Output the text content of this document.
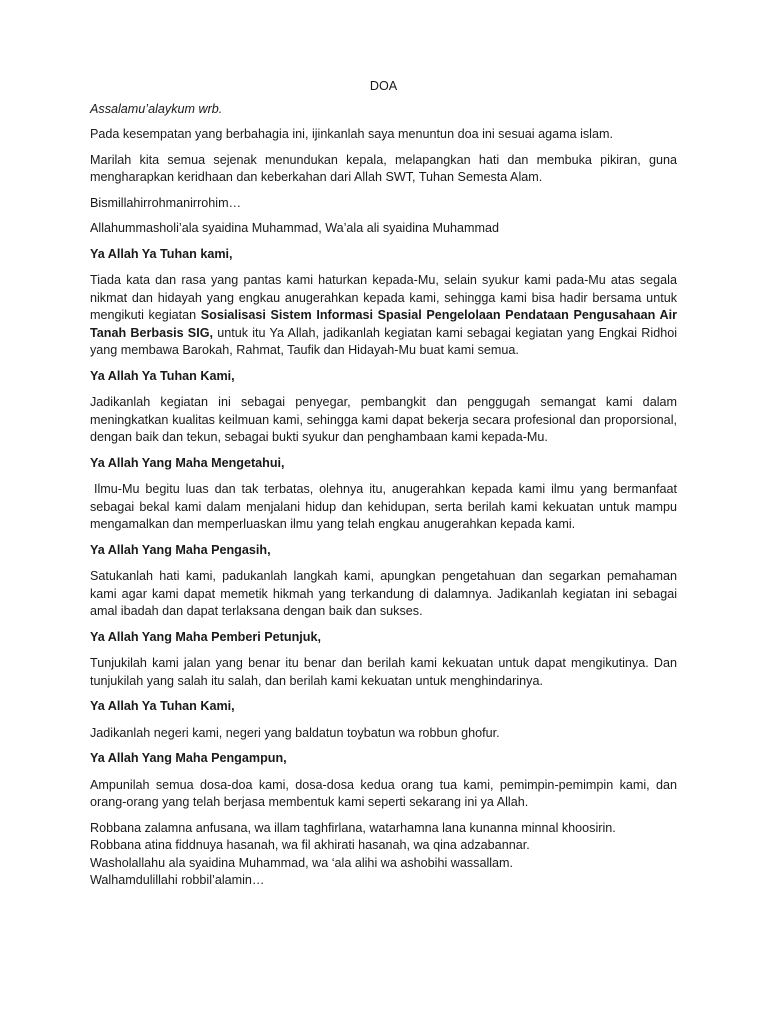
DOA

Assalamu’alaykum wrb.

Pada kesempatan yang berbahagia ini, ijinkanlah saya menuntun doa ini sesuai agama islam.

Marilah kita semua sejenak menundukan kepala, melapangkan hati dan membuka pikiran, guna mengharapkan keridhaan dan keberkahan dari Allah SWT, Tuhan Semesta Alam.

Bismillahirrohmanirrohim…

Allahummasholi’ala syaidina Muhammad, Wa’ala ali syaidina Muhammad

Ya Allah Ya Tuhan kami,

Tiada kata dan rasa yang pantas kami haturkan kepada-Mu, selain syukur kami pada-Mu atas segala nikmat dan hidayah yang engkau anugerahkan kepada kami, sehingga kami bisa hadir bersama untuk mengikuti kegiatan Sosialisasi Sistem Informasi Spasial Pengelolaan Pendataan Pengusahaan Air Tanah Berbasis SIG, untuk itu Ya Allah, jadikanlah kegiatan kami sebagai kegiatan yang Engkai Ridhoi yang membawa Barokah, Rahmat, Taufik dan Hidayah-Mu buat kami semua.

Ya Allah Ya Tuhan Kami,

Jadikanlah kegiatan ini sebagai penyegar, pembangkit dan penggugah semangat kami dalam meningkatkan kualitas keilmuan kami, sehingga kami dapat bekerja secara profesional dan proporsional, dengan baik dan tekun, sebagai bukti syukur dan penghambaan kami kepada-Mu.

Ya Allah Yang Maha Mengetahui,

Ilmu-Mu begitu luas dan tak terbatas, olehnya itu, anugerahkan kepada kami ilmu yang bermanfaat sebagai bekal kami dalam menjalani hidup dan kehidupan, serta berilah kami kekuatan untuk mampu mengamalkan dan memperluaskan ilmu yang telah engkau anugerahkan kepada kami.

Ya Allah Yang Maha Pengasih,

Satukanlah hati kami, padukanlah langkah kami, apungkan pengetahuan dan segarkan pemahaman kami agar kami dapat memetik hikmah yang terkandung di dalamnya. Jadikanlah kegiatan ini sebagai amal ibadah dan dapat terlaksana dengan baik dan sukses.

Ya Allah Yang Maha Pemberi Petunjuk,

Tunjukilah kami jalan yang benar itu benar dan berilah kami kekuatan untuk dapat mengikutinya. Dan tunjukilah yang salah itu salah, dan berilah kami kekuatan untuk menghindarinya.

Ya Allah Ya Tuhan Kami,

Jadikanlah negeri kami, negeri yang baldatun toybatun wa robbun ghofur.

Ya Allah Yang Maha Pengampun,

Ampunilah semua dosa-doa kami, dosa-dosa kedua orang tua kami, pemimpin-pemimpin kami, dan orang-orang yang telah berjasa membentuk kami seperti sekarang ini ya Allah.

Robbana zalamna anfusana, wa illam taghfirlana, watarhamna lana kunanna minnal khoosirin.

Robbana atina fiddnuya hasanah, wa fil akhirati hasanah, wa qina adzabannar.

Washolallahu ala syaidina Muhammad, wa ‘ala alihi wa ashobihi wassallam.

Walhamdulillahi robbil’alamin…
